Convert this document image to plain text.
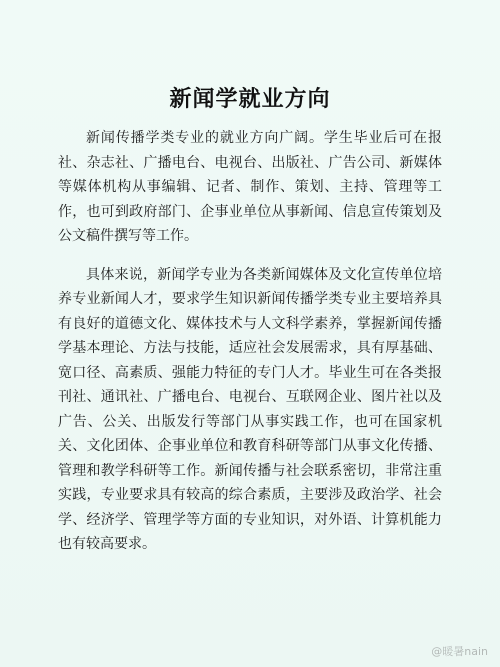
新闻学就业方向

新闻传播学类专业的就业方向广阔。学生毕业后可在报社、杂志社、广播电台、电视台、出版社、广告公司、新媒体等媒体机构从事编辑、记者、制作、策划、主持、管理等工作，也可到政府部门、企事业单位从事新闻、信息宣传策划及公文稿件撰写等工作。

具体来说，新闻学专业为各类新闻媒体及文化宣传单位培养专业新闻人才，要求学生知识新闻传播学类专业主要培养具有良好的道德文化、媒体技术与人文科学素养，掌握新闻传播学基本理论、方法与技能，适应社会发展需求，具有厚基础、宽口径、高素质、强能力特征的专门人才。毕业生可在各类报刊社、通讯社、广播电台、电视台、互联网企业、图片社以及广告、公关、出版发行等部门从事实践工作，也可在国家机关、文化团体、企事业单位和教育科研等部门从事文化传播、管理和教学科研等工作。新闻传播与社会联系密切，非常注重实践，专业要求具有较高的综合素质，主要涉及政治学、社会学、经济学、管理学等方面的专业知识，对外语、计算机能力也有较高要求。

@暖暑nain
